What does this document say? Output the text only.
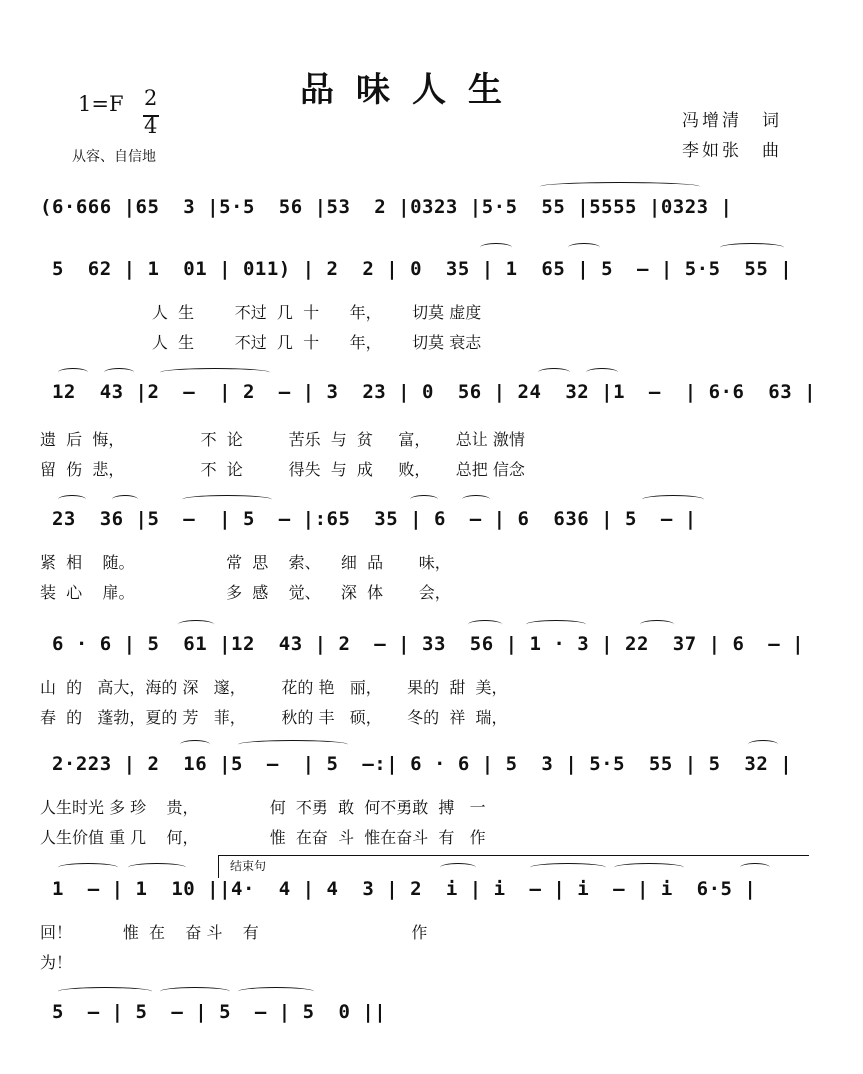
品味人生
1=F 2
4
从容、自信地
冯增清　词
李如张　曲
(6·666 |65  3 |5·5  56 |53  2 |0323 |5·5  55 |5555 |0323 |
5  62 | 1  01 | 011) | 2  2 | 0  35 | 1  65 | 5  — | 5·5  55 |
人  生        不过  几  十      年，      切莫 虚度
人  生        不过  几  十      年，      切莫 衰志
12  43 |2  —  | 2  — | 3  23 | 0  56 | 24  32 |1  —  | 6·6  63 |
遗  后  悔，               不  论         苦乐  与  贫     富，     总让 激情
留  伤  悲，               不  论         得失  与  成     败，     总把 信念
23  36 |5  —  | 5  — |:65  35 | 6  — | 6  636 | 5  — |
紧  相    随。                  常  思    索、    细  品       味，
装  心    扉。                  多  感    觉、    深  体       会，
6 · 6 | 5  61 |12  43 | 2  — | 33  56 | 1 · 3 | 22  37 | 6  — |
山  的   高大，海的 深   邃，       花的 艳   丽，     果的  甜  美，
春  的   蓬勃，夏的 芳   菲，       秋的 丰   硕，     冬的  祥  瑞，
2·223 | 2  16 |5  —  | 5  —:| 6 · 6 | 5  3 | 5·5  55 | 5  32 |
人生时光 多 珍    贵，              何  不勇  敢  何不勇敢  搏   一
人生价值 重 几    何，              惟  在奋  斗  惟在奋斗  有   作
1  — | 1  10 ||4·  4 | 4  3 | 2  i | i  — | i  — | i  6·5 |
回！          惟  在    奋 斗    有                              作
为！
5  — | 5  — | 5  — | 5  0 ||
结束句
